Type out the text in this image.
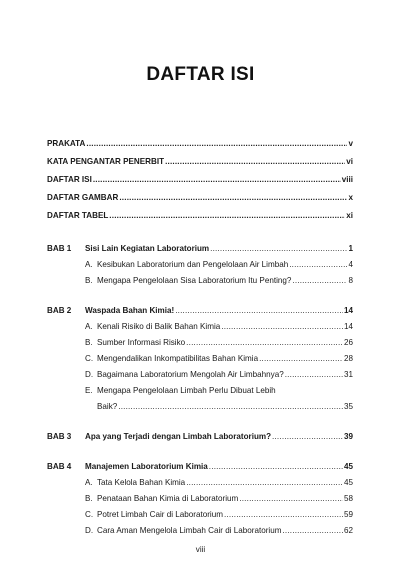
DAFTAR ISI
PRAKATA .....	v
KATA PENGANTAR PENERBIT .....	vi
DAFTAR ISI .....	viii
DAFTAR GAMBAR .....	x
DAFTAR TABEL .....	xi
BAB 1	Sisi Lain Kegiatan Laboratorium .....	1
A. Kesibukan Laboratorium dan Pengelolaan Air Limbah .....	4
B. Mengapa Pengelolaan Sisa Laboratorium Itu Penting? .....	8
BAB 2	Waspada Bahan Kimia! .....	14
A. Kenali Risiko di Balik Bahan Kimia .....	14
B. Sumber Informasi Risiko .....	26
C. Mengendalikan Inkompatibilitas Bahan Kimia .....	28
D. Bagaimana Laboratorium Mengolah Air Limbahnya? .....	31
E. Mengapa Pengelolaan Limbah Perlu Dibuat Lebih
Baik? .....	35
BAB 3	Apa yang Terjadi dengan Limbah Laboratorium? .....	39
BAB 4	Manajemen Laboratorium Kimia .....	45
A. Tata Kelola Bahan Kimia .....	45
B. Penataan Bahan Kimia di Laboratorium .....	58
C. Potret Limbah Cair di Laboratorium .....	59
D. Cara Aman Mengelola Limbah Cair di Laboratorium .....	62
viii
